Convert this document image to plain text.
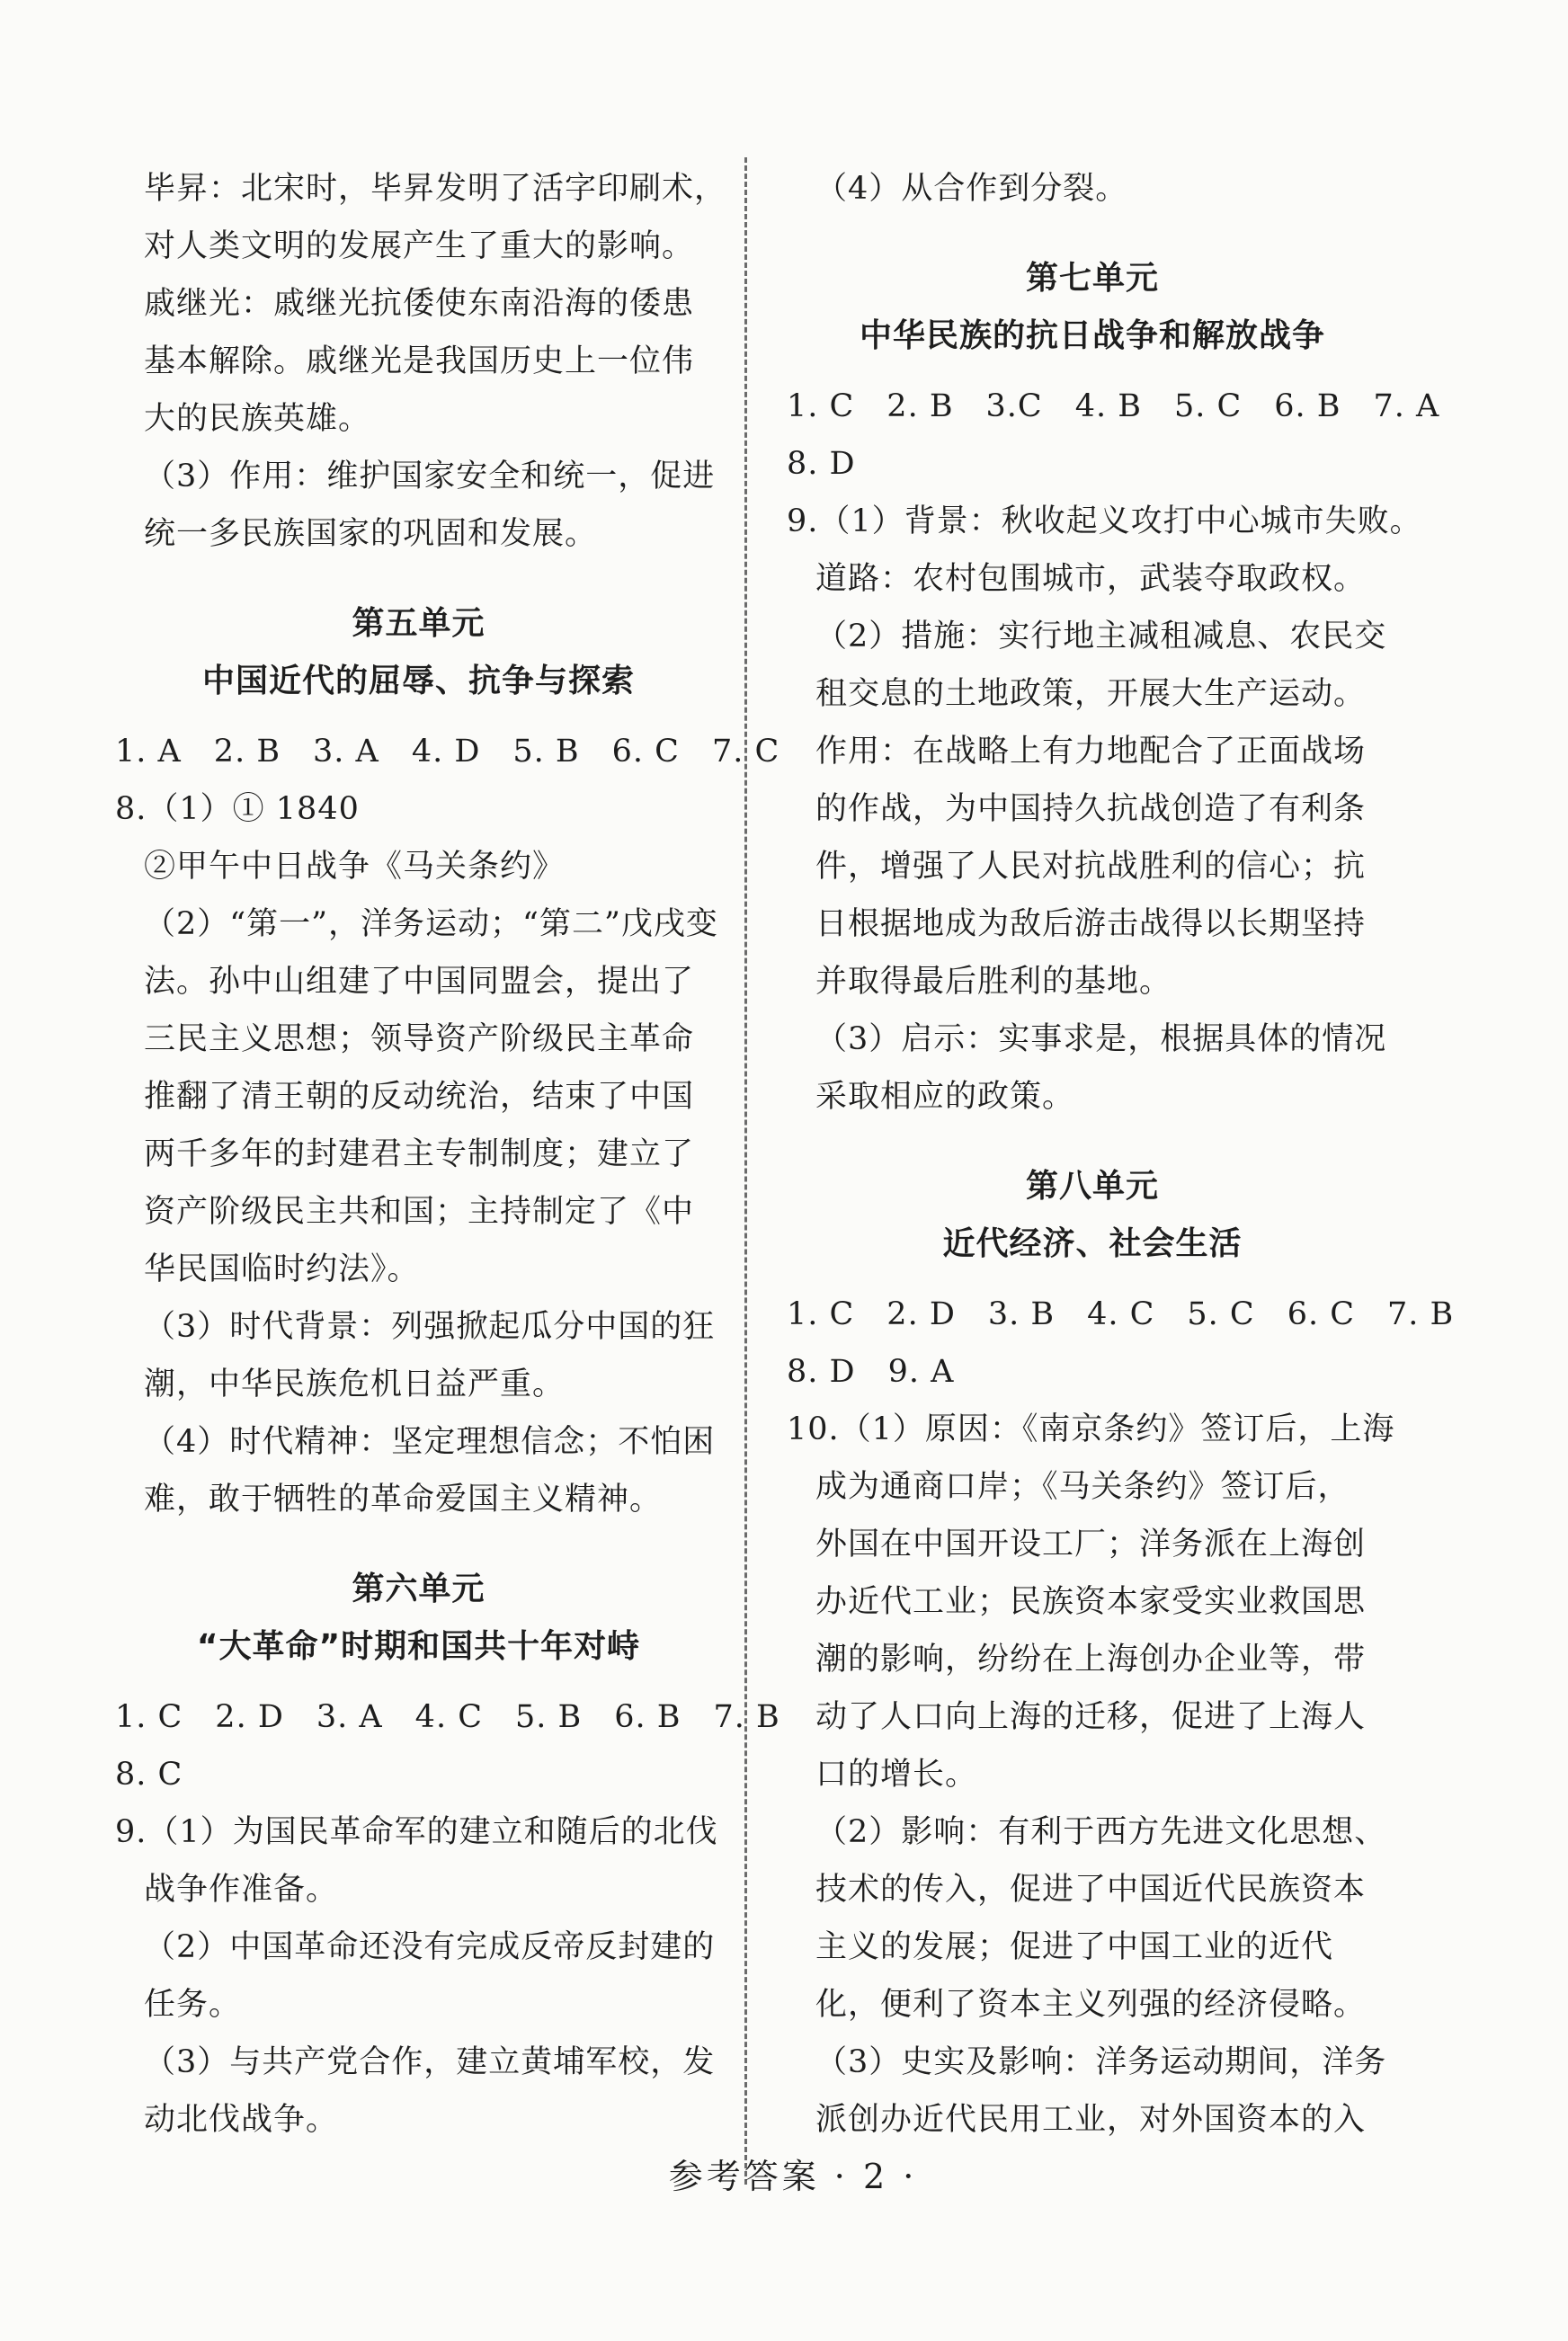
毕昇：北宋时，毕昇发明了活字印刷术，
对人类文明的发展产生了重大的影响。
戚继光：戚继光抗倭使东南沿海的倭患
基本解除。戚继光是我国历史上一位伟
大的民族英雄。
（3）作用：维护国家安全和统一，促进
统一多民族国家的巩固和发展。
第五单元
中国近代的屈辱、抗争与探索
1. A　2. B　3. A　4. D　5. B　6. C　7. C
8.（1）① 1840
②甲午中日战争《马关条约》
（2）“第一”，洋务运动；“第二”戊戌变
法。孙中山组建了中国同盟会，提出了
三民主义思想；领导资产阶级民主革命
推翻了清王朝的反动统治，结束了中国
两千多年的封建君主专制制度；建立了
资产阶级民主共和国；主持制定了《中
华民国临时约法》。
（3）时代背景：列强掀起瓜分中国的狂
潮，中华民族危机日益严重。
（4）时代精神：坚定理想信念；不怕困
难，敢于牺牲的革命爱国主义精神。
第六单元
“大革命”时期和国共十年对峙
1. C　2. D　3. A　4. C　5. B　6. B　7. B
8. C
9.（1）为国民革命军的建立和随后的北伐
战争作准备。
（2）中国革命还没有完成反帝反封建的
任务。
（3）与共产党合作，建立黄埔军校，发
动北伐战争。
（4）从合作到分裂。
第七单元
中华民族的抗日战争和解放战争
1. C　2. B　3.C　4. B　5. C　6. B　7. A
8. D
9.（1）背景：秋收起义攻打中心城市失败。
道路：农村包围城市，武装夺取政权。
（2）措施：实行地主减租减息、农民交
租交息的土地政策，开展大生产运动。
作用：在战略上有力地配合了正面战场
的作战，为中国持久抗战创造了有利条
件，增强了人民对抗战胜利的信心；抗
日根据地成为敌后游击战得以长期坚持
并取得最后胜利的基地。
（3）启示：实事求是，根据具体的情况
采取相应的政策。
第八单元
近代经济、社会生活
1. C　2. D　3. B　4. C　5. C　6. C　7. B
8. D　9. A
10.（1）原因：《南京条约》签订后，上海
成为通商口岸；《马关条约》签订后，
外国在中国开设工厂；洋务派在上海创
办近代工业；民族资本家受实业救国思
潮的影响，纷纷在上海创办企业等，带
动了人口向上海的迁移，促进了上海人
口的增长。
（2）影响：有利于西方先进文化思想、
技术的传入，促进了中国近代民族资本
主义的发展；促进了中国工业的近代
化，便利了资本主义列强的经济侵略。
（3）史实及影响：洋务运动期间，洋务
派创办近代民用工业，对外国资本的入
参考答案 · 2 ·
